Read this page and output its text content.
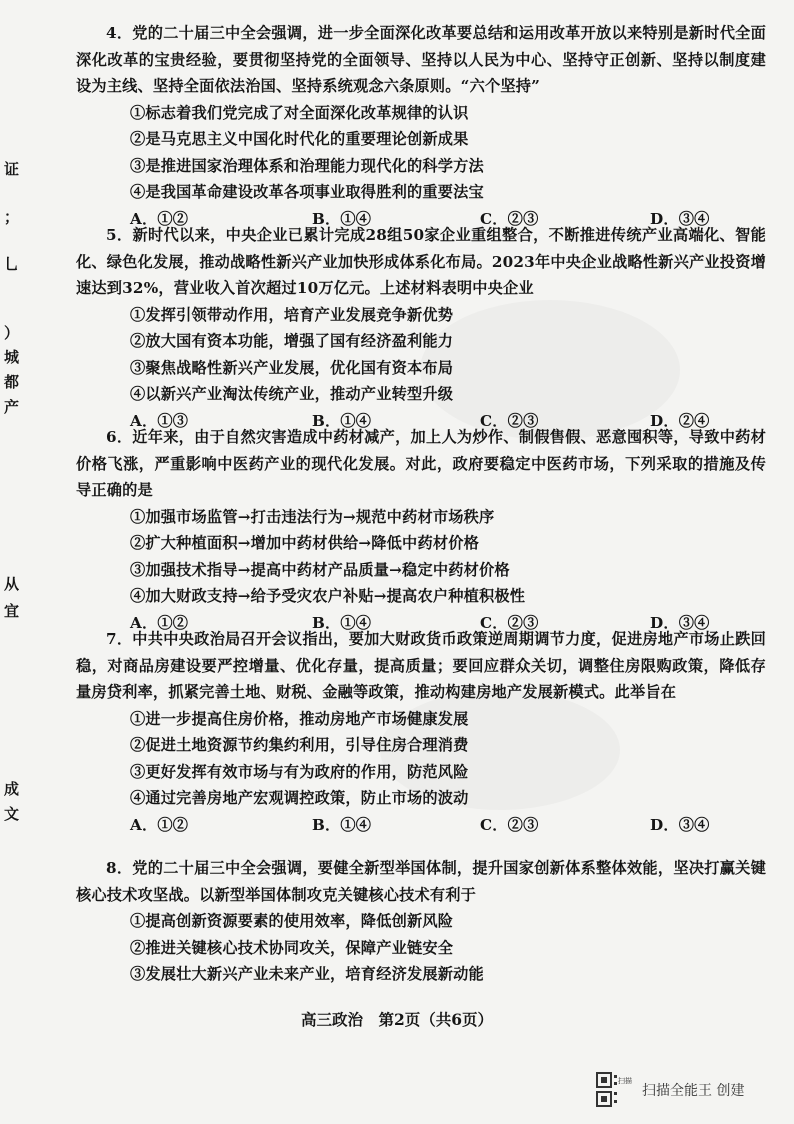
证
；
乚
）
城
都
产
从
宜
成
文

4．党的二十届三中全会强调，进一步全面深化改革要总结和运用改革开放以来特别是新时代全面深化改革的宝贵经验，要贯彻坚持党的全面领导、坚持以人民为中心、坚持守正创新、坚持以制度建设为主线、坚持全面依法治国、坚持系统观念六条原则。“六个坚持”

①标志着我们党完成了对全面深化改革规律的认识

②是马克思主义中国化时代化的重要理论创新成果

③是推进国家治理体系和治理能力现代化的科学方法

④是我国革命建设改革各项事业取得胜利的重要法宝

A．①②	B．①④	C．②③	D．③④

5．新时代以来，中央企业已累计完成28组50家企业重组整合，不断推进传统产业高端化、智能化、绿色化发展，推动战略性新兴产业加快形成体系化布局。2023年中央企业战略性新兴产业投资增速达到32%，营业收入首次超过10万亿元。上述材料表明中央企业

①发挥引领带动作用，培育产业发展竞争新优势

②放大国有资本功能，增强了国有经济盈利能力

③聚焦战略性新兴产业发展，优化国有资本布局

④以新兴产业淘汰传统产业，推动产业转型升级

A．①③	B．①④	C．②③	D．②④

6．近年来，由于自然灾害造成中药材减产，加上人为炒作、制假售假、恶意囤积等，导致中药材价格飞涨，严重影响中医药产业的现代化发展。对此，政府要稳定中医药市场，下列采取的措施及传导正确的是

①加强市场监管→打击违法行为→规范中药材市场秩序

②扩大种植面积→增加中药材供给→降低中药材价格

③加强技术指导→提高中药材产品质量→稳定中药材价格

④加大财政支持→给予受灾农户补贴→提高农户种植积极性

A．①②	B．①④	C．②③	D．③④

7．中共中央政治局召开会议指出，要加大财政货币政策逆周期调节力度，促进房地产市场止跌回稳，对商品房建设要严控增量、优化存量，提高质量；要回应群众关切，调整住房限购政策，降低存量房贷利率，抓紧完善土地、财税、金融等政策，推动构建房地产发展新模式。此举旨在

①进一步提高住房价格，推动房地产市场健康发展

②促进土地资源节约集约利用，引导住房合理消费

③更好发挥有效市场与有为政府的作用，防范风险

④通过完善房地产宏观调控政策，防止市场的波动

A．①②	B．①④	C．②③	D．③④

8．党的二十届三中全会强调，要健全新型举国体制，提升国家创新体系整体效能，坚决打赢关键核心技术攻坚战。以新型举国体制攻克关键核心技术有利于

①提高创新资源要素的使用效率，降低创新风险

②推进关键核心技术协同攻关，保障产业链安全

③发展壮大新兴产业未来产业，培育经济发展新动能

高三政治　第2页（共6页）
扫描
扫描全能王 创建
